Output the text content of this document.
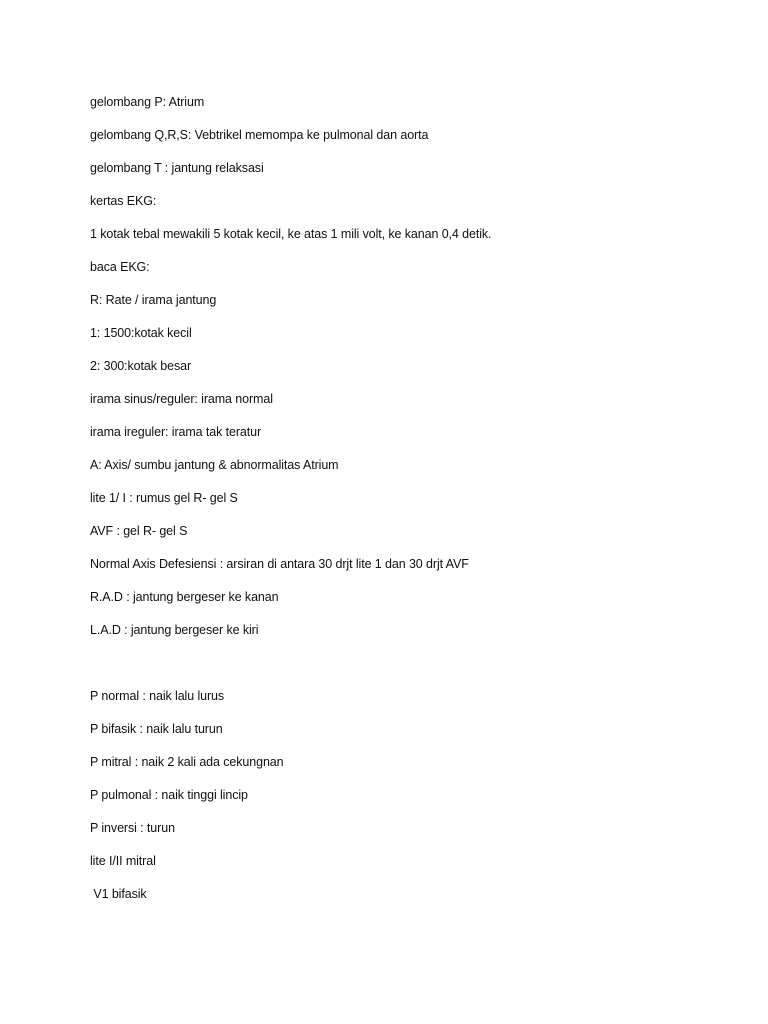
gelombang P: Atrium
gelombang Q,R,S: Vebtrikel memompa ke pulmonal dan aorta
gelombang T : jantung relaksasi
kertas EKG:
1 kotak tebal mewakili 5 kotak kecil, ke atas 1 mili volt, ke kanan 0,4 detik.
baca EKG:
R: Rate / irama jantung
1: 1500:kotak kecil
2: 300:kotak besar
irama sinus/reguler: irama normal
irama ireguler: irama tak teratur
A: Axis/ sumbu jantung & abnormalitas Atrium
lite 1/ I : rumus gel R- gel S
AVF : gel R- gel S
Normal Axis Defesiensi : arsiran di antara 30 drjt lite 1 dan 30 drjt AVF
R.A.D : jantung bergeser ke kanan
L.A.D : jantung bergeser ke kiri
P normal : naik lalu lurus
P bifasik : naik lalu turun
P mitral : naik 2 kali ada cekungnan
P pulmonal : naik tinggi lincip
P inversi : turun
lite I/II mitral
V1 bifasik
